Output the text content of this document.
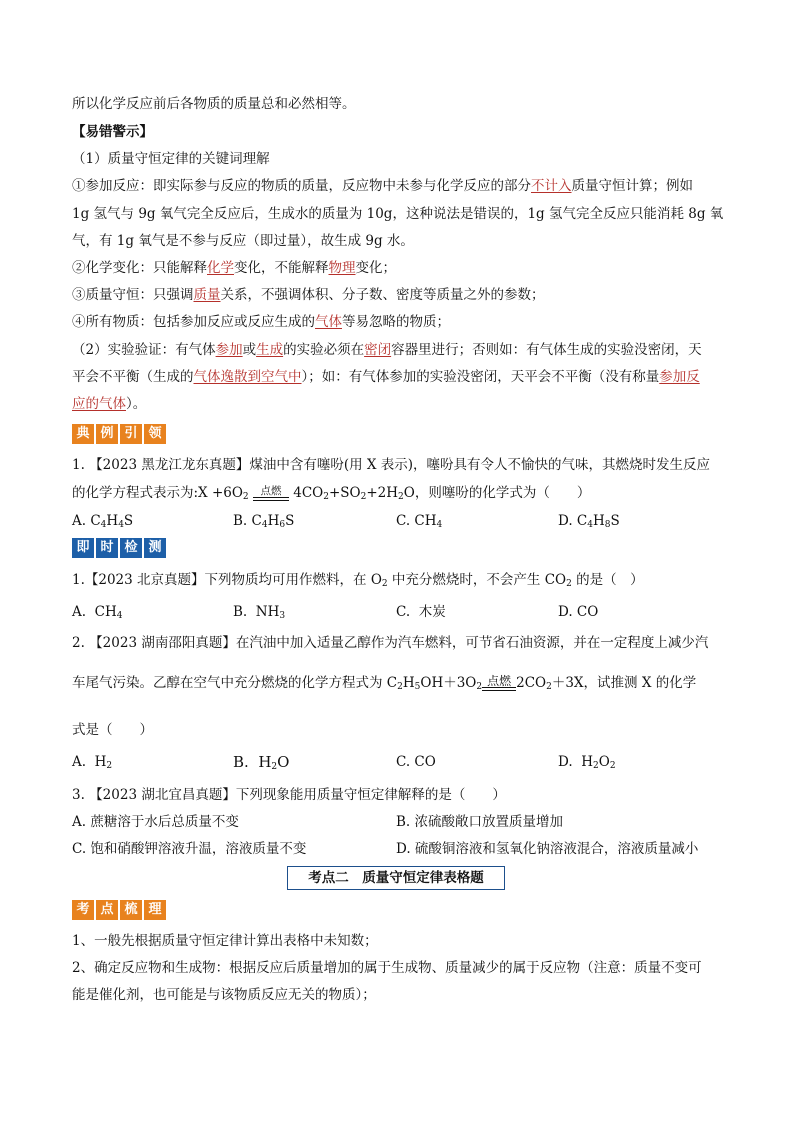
所以化学反应前后各物质的质量总和必然相等。
【易错警示】
（1）质量守恒定律的关键词理解
①参加反应：即实际参与反应的物质的质量，反应物中未参与化学反应的部分不计入质量守恒计算；例如
1g 氢气与 9g 氧气完全反应后，生成水的质量为 10g，这种说法是错误的，1g 氢气完全反应只能消耗 8g 氧
气，有 1g 氧气是不参与反应（即过量），故生成 9g 水。
②化学变化：只能解释化学变化，不能解释物理变化；
③质量守恒：只强调质量关系，不强调体积、分子数、密度等质量之外的参数；
④所有物质：包括参加反应或反应生成的气体等易忽略的物质；
（2）实验验证：有气体参加或生成的实验必须在密闭容器里进行；否则如：有气体生成的实验没密闭，天
平会不平衡（生成的气体逸散到空气中）；如：有气体参加的实验没密闭，天平会不平衡（没有称量参加反
应的气体）。
典 例 引 领
1. 【2023 黑龙江龙东真题】煤油中含有噻吩(用 X 表示)，噻吩具有令人不愉快的气味，其燃烧时发生反应
的化学方程式表示为:X $+6O_2$	点燃 $4CO_2+SO_2+2H_2O$，则噻吩的化学式为（　　）
A. $C_4H_4S$	B. $C_4H_6S$	C. $CH_4$	D. $C_4H_8S$
即 时 检 测
1.【2023 北京真题】下列物质均可用作燃料，在 $O_2$ 中充分燃烧时，不会产生 $CO_2$ 的是（　）
A.  $CH_4$	B.  $NH_3$	C.  木炭	D. CO
2. 【2023 湖南邵阳真题】在汽油中加入适量乙醇作为汽车燃料，可节省石油资源，并在一定程度上减少汽
车尾气污染。乙醇在空气中充分燃烧的化学方程式为 $C_2H_5OH+3O_2$ 点燃 $2CO_2+3X$，试推测 X 的化学
式是（　　）
A.  $H_2$	B.  $H_2O$	C. CO	D.  $H_2O_2$
3. 【2023 湖北宜昌真题】下列现象能用质量守恒定律解释的是（　　）
A. 蔗糖溶于水后总质量不变	B. 浓硫酸敞口放置质量增加
C. 饱和硝酸钾溶液升温，溶液质量不变	D. 硫酸铜溶液和氢氧化钠溶液混合，溶液质量减小
考点二　质量守恒定律表格题
考 点 梳 理
1、一般先根据质量守恒定律计算出表格中未知数；
2、确定反应物和生成物：根据反应后质量增加的属于生成物、质量减少的属于反应物（注意：质量不变可
能是催化剂，也可能是与该物质反应无关的物质）；
